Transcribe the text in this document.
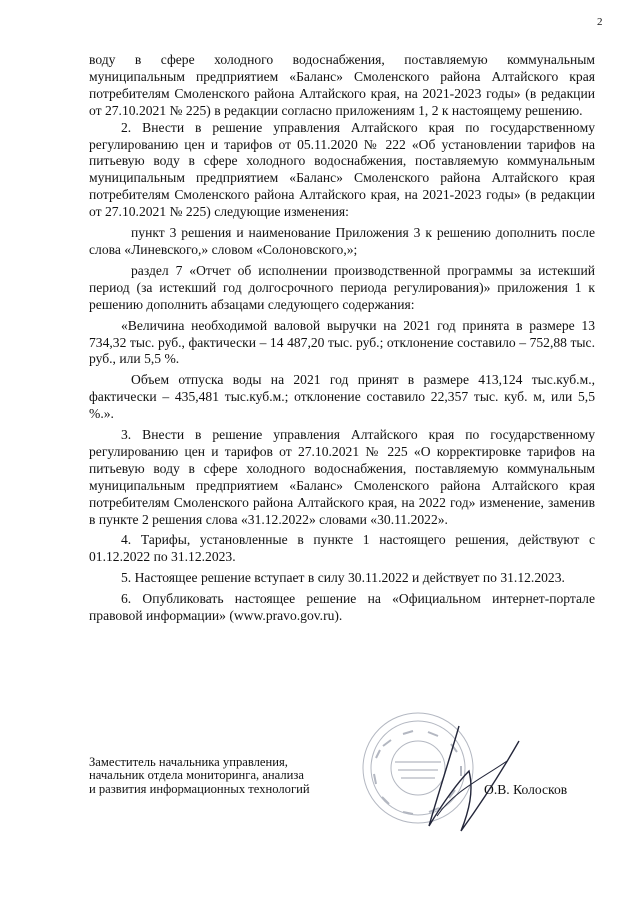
2

воду в сфере холодного водоснабжения, поставляемую коммунальным муниципальным предприятием «Баланс» Смоленского района Алтайского края потребителям Смоленского района Алтайского края, на 2021-2023 годы» (в редакции от 27.10.2021 № 225) в редакции согласно приложениям 1, 2 к настоящему решению.

2. Внести в решение управления Алтайского края по государственному регулированию цен и тарифов от 05.11.2020 № 222 «Об установлении тарифов на питьевую воду в сфере холодного водоснабжения, поставляемую коммунальным муниципальным предприятием «Баланс» Смоленского района Алтайского края потребителям Смоленского района Алтайского края, на 2021-2023 годы» (в редакции от 27.10.2021 № 225) следующие изменения:

пункт 3 решения и наименование Приложения 3 к решению дополнить после слова «Линевского,» словом «Солоновского,»;

раздел 7 «Отчет об исполнении производственной программы за истекший период (за истекший год долгосрочного периода регулирования)» приложения 1 к решению дополнить абзацами следующего содержания:

«Величина необходимой валовой выручки на 2021 год принята в размере 13 734,32 тыс. руб., фактически – 14 487,20 тыс. руб.; отклонение составило – 752,88 тыс. руб., или 5,5 %.

Объем отпуска воды на 2021 год принят в размере 413,124 тыс.куб.м., фактически – 435,481 тыс.куб.м.; отклонение составило 22,357 тыс. куб. м, или 5,5 %.».

3. Внести в решение управления Алтайского края по государственному регулированию цен и тарифов от 27.10.2021 № 225 «О корректировке тарифов на питьевую воду в сфере холодного водоснабжения, поставляемую коммунальным муниципальным предприятием «Баланс» Смоленского района Алтайского края потребителям Смоленского района Алтайского края, на 2022 год» изменение, заменив в пункте 2 решения слова «31.12.2022» словами «30.11.2022».

4. Тарифы, установленные в пункте 1 настоящего решения, действуют с 01.12.2022 по 31.12.2023.

5. Настоящее решение вступает в силу 30.11.2022 и действует по 31.12.2023.

6. Опубликовать настоящее решение на «Официальном интернет-портале правовой информации» (www.pravo.gov.ru).

Заместитель начальника управления,
начальник отдела мониторинга, анализа
и развития информационных технологий	О.В. Колосков
